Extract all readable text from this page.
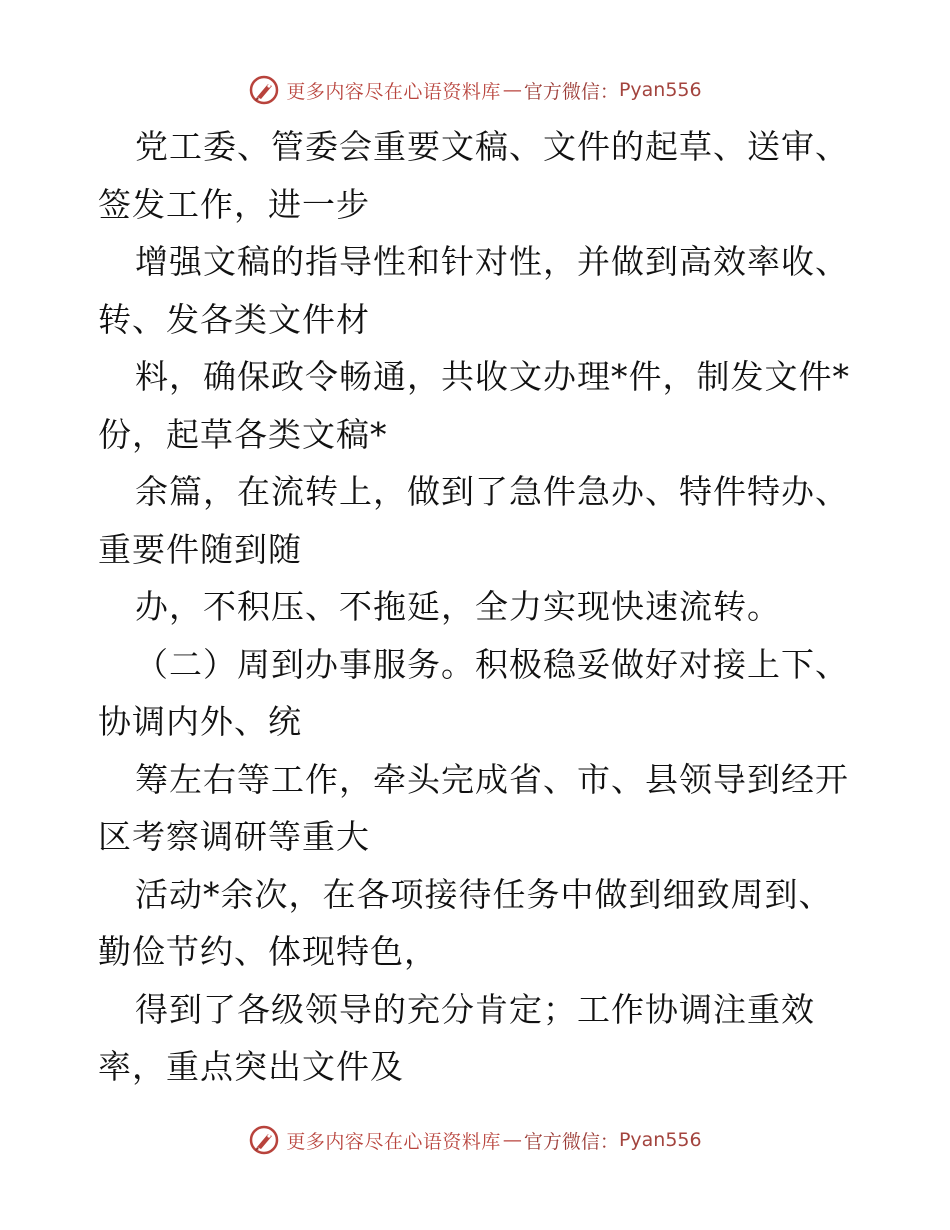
更多内容尽在心语资料库 — 官方微信： Pyan556
党工委、管委会重要文稿、文件的起草、送审、
签发工作，进一步
增强文稿的指导性和针对性，并做到高效率收、
转、发各类文件材
料，确保政令畅通，共收文办理*件，制发文件*
份，起草各类文稿*
余篇，在流转上，做到了急件急办、特件特办、
重要件随到随
办，不积压、不拖延，全力实现快速流转。
（二）周到办事服务。积极稳妥做好对接上下、
协调内外、统
筹左右等工作，牵头完成省、市、县领导到经开
区考察调研等重大
活动*余次，在各项接待任务中做到细致周到、
勤俭节约、体现特色，
得到了各级领导的充分肯定；工作协调注重效
率，重点突出文件及
更多内容尽在心语资料库 — 官方微信： Pyan556
